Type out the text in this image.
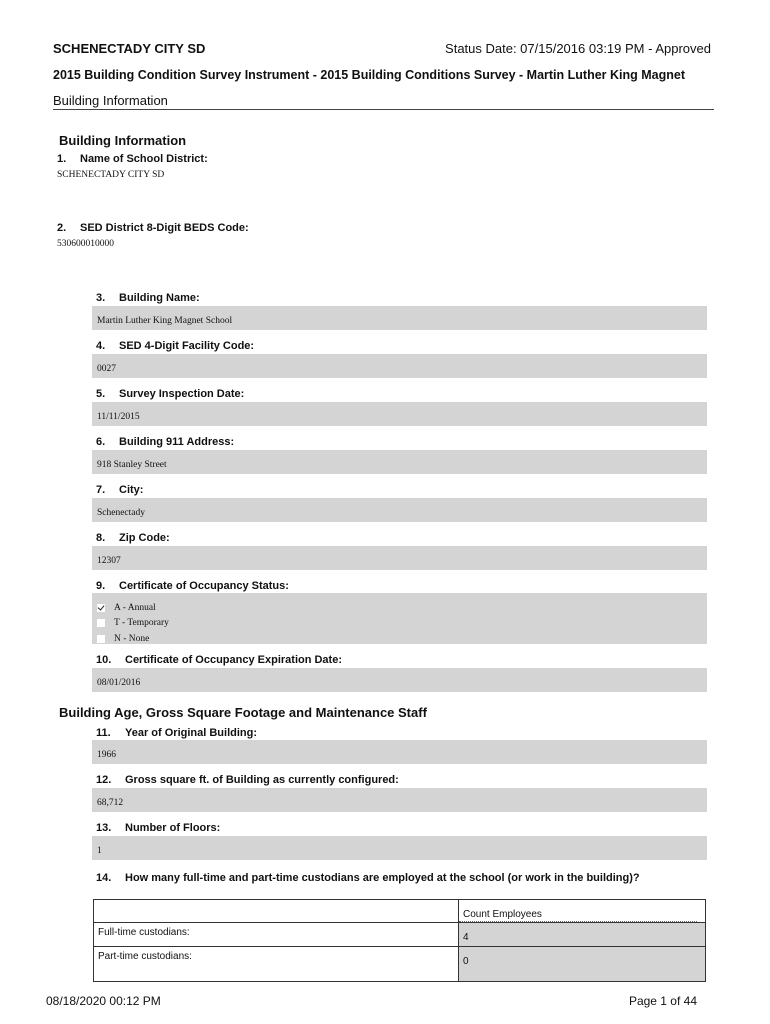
SCHENECTADY CITY SD	Status Date: 07/15/2016 03:19 PM - Approved
2015 Building Condition Survey Instrument - 2015 Building Conditions Survey - Martin Luther King Magnet
Building Information
Building Information
1. Name of School District:
SCHENECTADY CITY SD
2. SED District 8-Digit BEDS Code:
530600010000
3. Building Name:
Martin Luther King Magnet School
4. SED 4-Digit Facility Code:
0027
5. Survey Inspection Date:
11/11/2015
6. Building 911 Address:
918 Stanley Street
7. City:
Schenectady
8. Zip Code:
12307
9. Certificate of Occupancy Status:
A - Annual
T - Temporary
N - None
10. Certificate of Occupancy Expiration Date:
08/01/2016
Building Age, Gross Square Footage and Maintenance Staff
11. Year of Original Building:
1966
12. Gross square ft. of Building as currently configured:
68,712
13. Number of Floors:
1
14. How many full-time and part-time custodians are employed at the school (or work in the building)?

	Count Employees

Full-time custodians:	4

Part-time custodians:	0
08/18/2020 00:12 PM	Page 1 of 44
